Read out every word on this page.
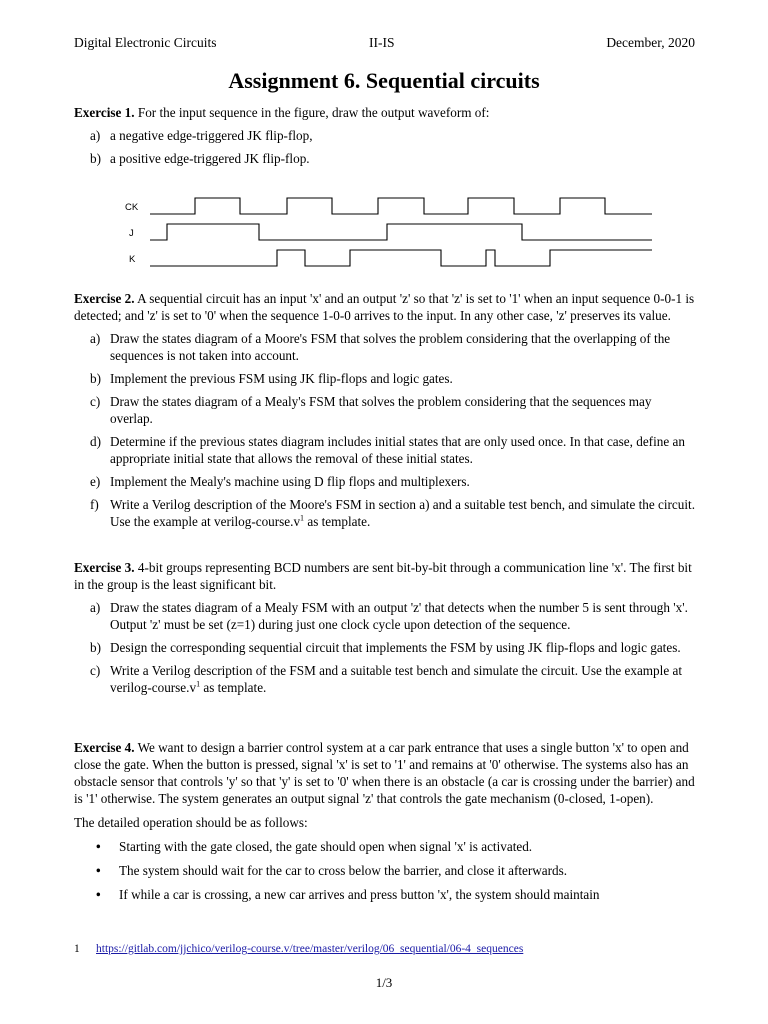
Digital Electronic Circuits	II-IS	December, 2020
Assignment 6. Sequential circuits

Exercise 1. For the input sequence in the figure, draw the output waveform of:

a) a negative edge-triggered JK flip-flop,
b) a positive edge-triggered JK flip-flop.
CK
J
K

Exercise 2. A sequential circuit has an input 'x' and an output 'z' so that 'z' is set to '1' when an input sequence 0-0-1 is detected; and 'z' is set to '0' when the sequence 1-0-0 arrives to the input. In any other case, 'z' preserves its value.

a) Draw the states diagram of a Moore's FSM that solves the problem considering that the overlapping of the sequences is not taken into account.
b) Implement the previous FSM using JK flip-flops and logic gates.
c) Draw the states diagram of a Mealy's FSM that solves the problem considering that the sequences may overlap.
d) Determine if the previous states diagram includes initial states that are only used once. In that case, define an appropriate initial state that allows the removal of these initial states.
e) Implement the Mealy's machine using D flip flops and multiplexers.
f) Write a Verilog description of the Moore's FSM in section a) and a suitable test bench, and simulate the circuit. Use the example at verilog-$course.v^1$ as template.

Exercise 3. 4-bit groups representing BCD numbers are sent bit-by-bit through a communication line 'x'. The first bit in the group is the least significant bit.

a) Draw the states diagram of a Mealy FSM with an output 'z' that detects when the number 5 is sent through 'x'. Output 'z' must be set (z=1) during just one clock cycle upon detection of the sequence.
b) Design the corresponding sequential circuit that implements the FSM by using JK flip-flops and logic gates.
c) Write a Verilog description of the FSM and a suitable test bench and simulate the circuit. Use the example at verilog-$course.v^1$ as template.

Exercise 4. We want to design a barrier control system at a car park entrance that uses a single button 'x' to open and close the gate. When the button is pressed, signal 'x' is set to '1' and remains at '0' otherwise. The systems also has an obstacle sensor that controls 'y' so that 'y' is set to '0' when there is an obstacle (a car is crossing under the barrier) and is '1' otherwise. The system generates an output signal 'z' that controls the gate mechanism (0-closed, 1-open).

The detailed operation should be as follows:

• Starting with the gate closed, the gate should open when signal 'x' is activated.
• The system should wait for the car to cross below the barrier, and close it afterwards.
• If while a car is crossing, a new car arrives and press button 'x', the system should maintain
1 https://gitlab.com/jjchico/verilog-course.v/tree/master/verilog/06_sequential/06-4_sequences
1/3
